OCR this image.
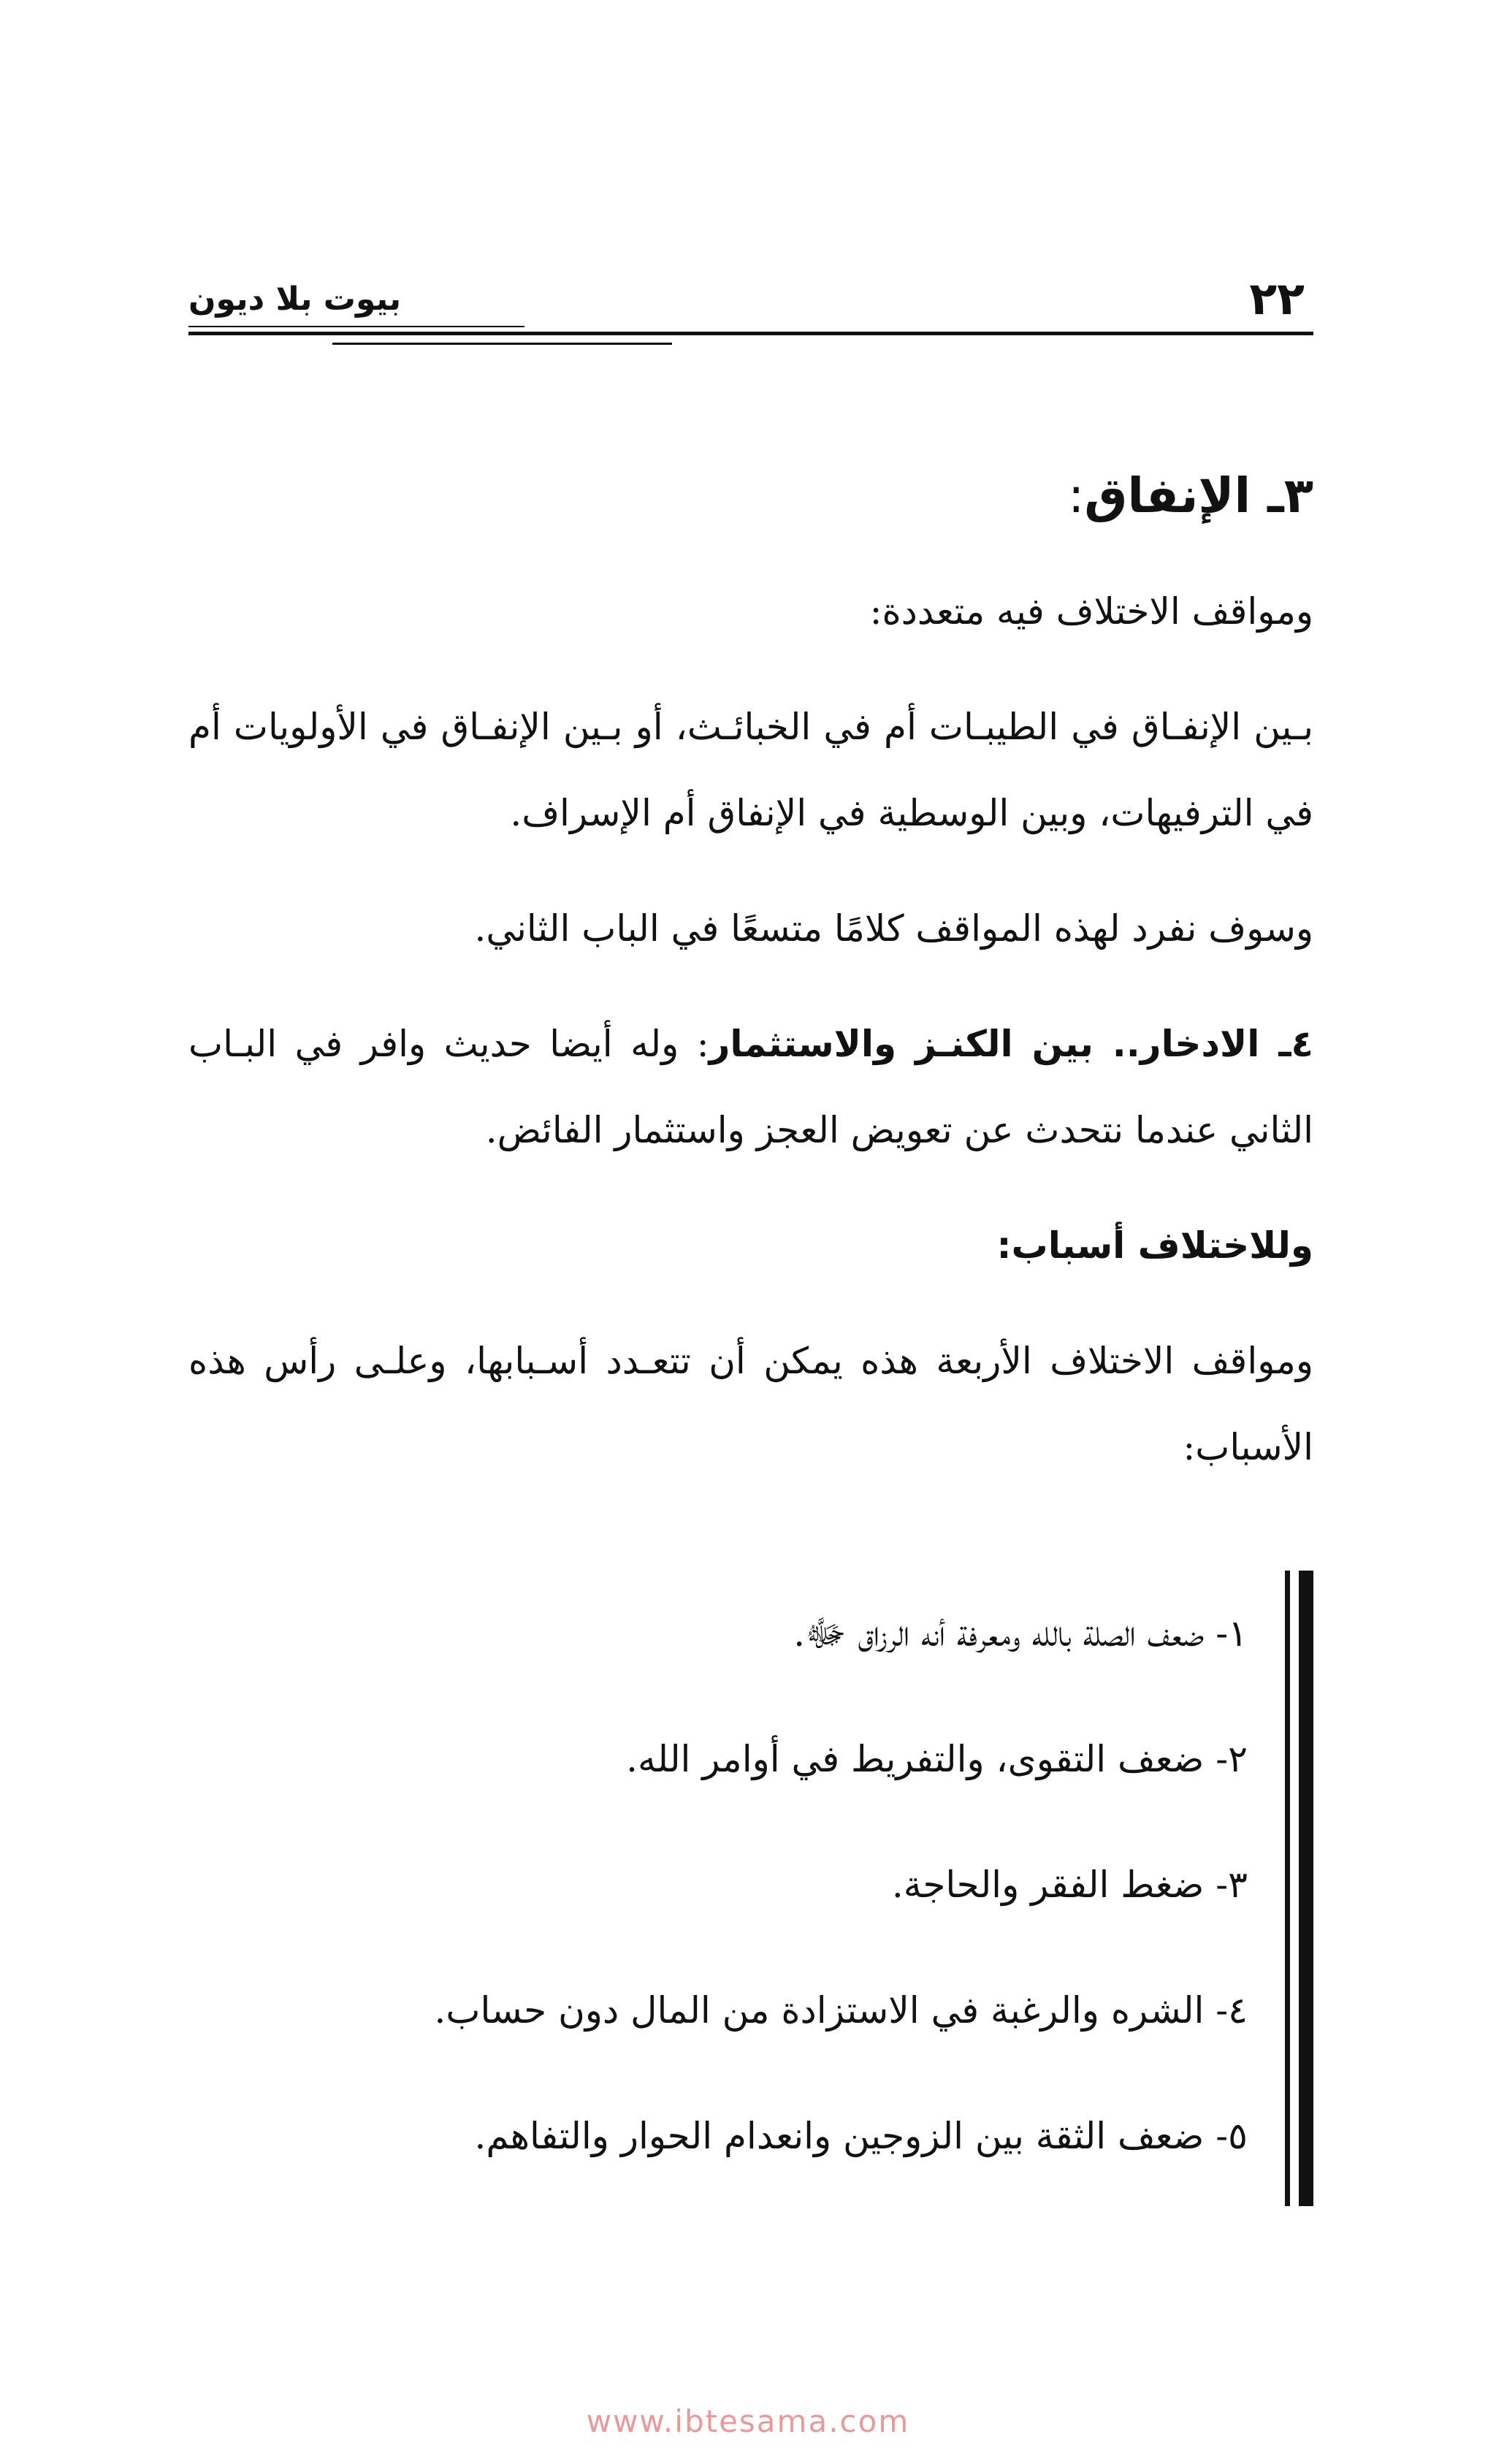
٢٢
بيوت بلا ديون

٣ـ الإنفاق:

ومواقف الاختلاف فيه متعددة:

بـين الإنفـاق في الطيبـات أم في الخبائـث، أو بـين الإنفـاق في الأولويات أم في الترفيهات، وبين الوسطية في الإنفاق أم الإسراف.

وسوف نفرد لهذه المواقف كلامًا متسعًا في الباب الثاني.

٤ـ الادخار.. بين الكنـز والاستثمار: وله أيضا حديث وافر في البـاب الثاني عندما نتحدث عن تعويض العجز واستثمار الفائض.

وللاختلاف أسباب:

ومواقف الاختلاف الأربعة هذه يمكن أن تتعـدد أسـبابها، وعلـى رأس هذه الأسباب:

١- ضعف الصلة بالله ومعرفة أنه الرزاق ﷻ.
٢- ضعف التقوى، والتفريط في أوامر الله.
٣- ضغط الفقر والحاجة.
٤- الشره والرغبة في الاستزادة من المال دون حساب.
٥- ضعف الثقة بين الزوجين وانعدام الحوار والتفاهم.
www.ibtesama.com
